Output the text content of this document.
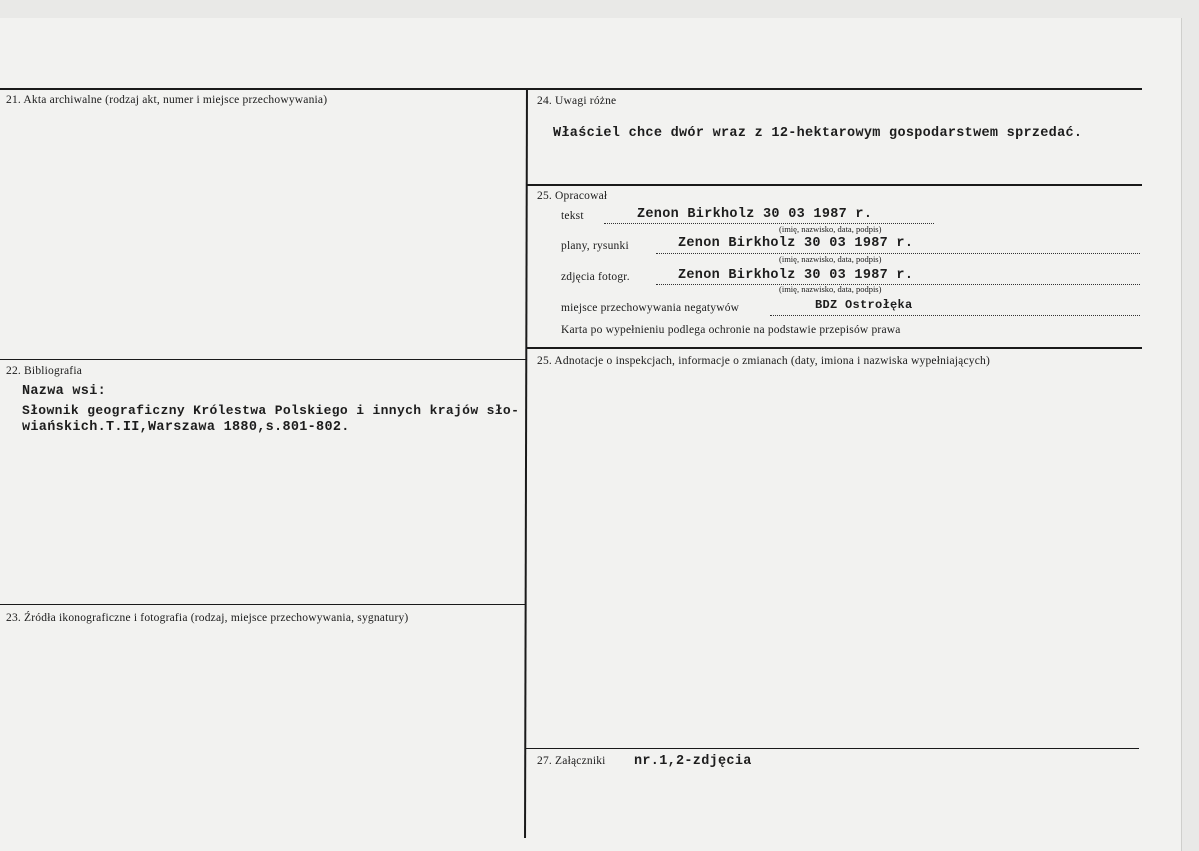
21. Akta archiwalne (rodzaj akt, numer i miejsce przechowywania)
22. Bibliografia
Nazwa wsi:
Słownik geograficzny Królestwa Polskiego i innych krajów sło-
wiańskich.T.II,Warszawa 1880,s.801-802.
23. Źródła ikonograficzne i fotografia (rodzaj, miejsce przechowywania, sygnatury)
24. Uwagi różne
Właściel chce dwór wraz z 12-hektarowym gospodarstwem sprzedać.
25. Opracował
tekst	Zenon Birkholz 30 03 1987 r.
(imię, nazwisko, data, podpis)
plany, rysunki	Zenon Birkholz 30 03 1987 r.
(imię, nazwisko, data, podpis)
zdjęcia fotogr.	Zenon Birkholz 30 03 1987 r.
(imię, nazwisko, data, podpis)
miejsce przechowywania negatywów	BDZ Ostrołęka
Karta po wypełnieniu podlega ochronie na podstawie przepisów prawa
25. Adnotacje o inspekcjach, informacje o zmianach (daty, imiona i nazwiska wypełniających)
27. Załączniki nr.1,2-zdjęcia
